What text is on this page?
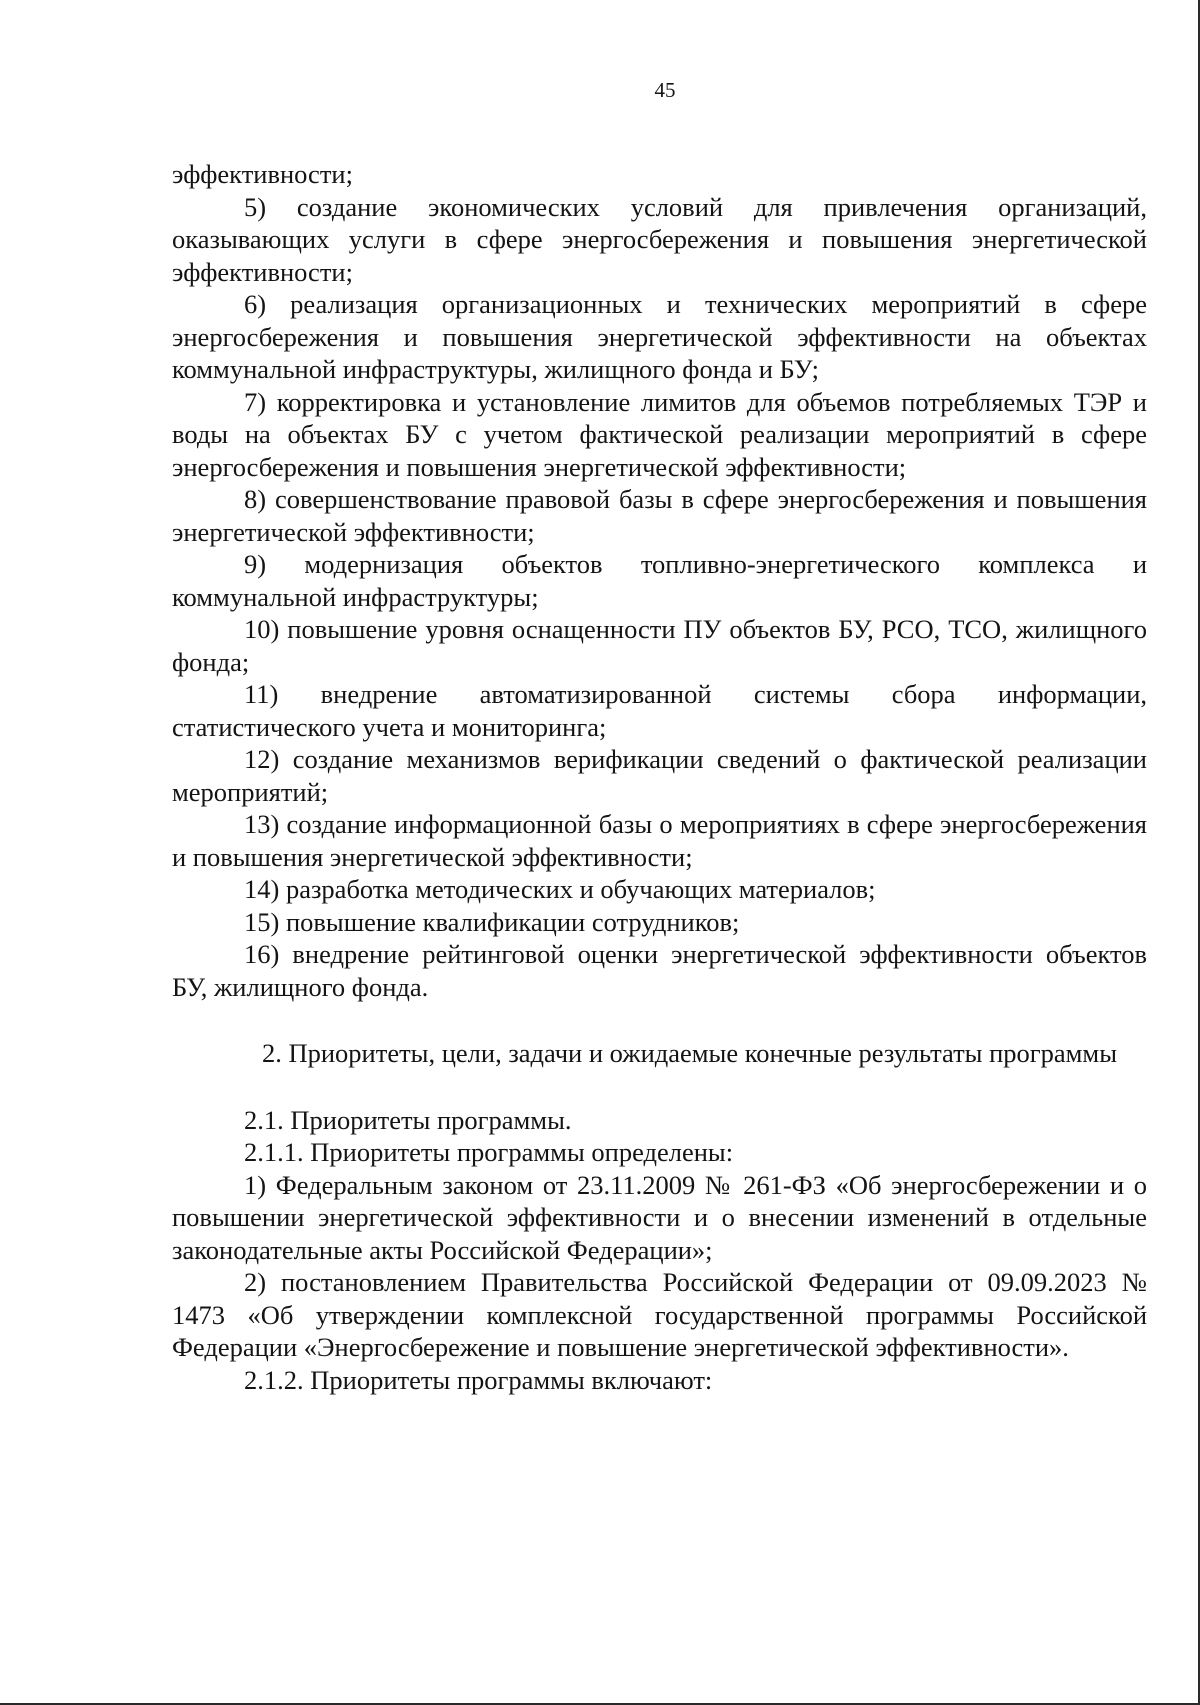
45

эффективности;

5) создание экономических условий для привлечения организаций, оказывающих услуги в сфере энергосбережения и повышения энергетической эффективности;

6) реализация организационных и технических мероприятий в сфере энергосбережения и повышения энергетической эффективности на объектах коммунальной инфраструктуры, жилищного фонда и БУ;

7) корректировка и установление лимитов для объемов потребляемых ТЭР и воды на объектах БУ с учетом фактической реализации мероприятий в сфере энергосбережения и повышения энергетической эффективности;

8) совершенствование правовой базы в сфере энергосбережения и повышения энергетической эффективности;

9) модернизация объектов топливно-энергетического комплекса и коммунальной инфраструктуры;

10) повышение уровня оснащенности ПУ объектов БУ, РСО, ТСО, жилищного фонда;

11) внедрение автоматизированной системы сбора информации, статистического учета и мониторинга;

12) создание механизмов верификации сведений о фактической реализации мероприятий;

13) создание информационной базы о мероприятиях в сфере энергосбережения и повышения энергетической эффективности;

14) разработка методических и обучающих материалов;

15) повышение квалификации сотрудников;

16) внедрение рейтинговой оценки энергетической эффективности объектов БУ, жилищного фонда.

2. Приоритеты, цели, задачи и ожидаемые конечные результаты программы

2.1. Приоритеты программы.

2.1.1. Приоритеты программы определены:

1) Федеральным законом от 23.11.2009 № 261-ФЗ «Об энергосбережении и о повышении энергетической эффективности и о внесении изменений в отдельные законодательные акты Российской Федерации»;

2) постановлением Правительства Российской Федерации от 09.09.2023 № 1473 «Об утверждении комплексной государственной программы Российской Федерации «Энергосбережение и повышение энергетической эффективности».

2.1.2. Приоритеты программы включают:
